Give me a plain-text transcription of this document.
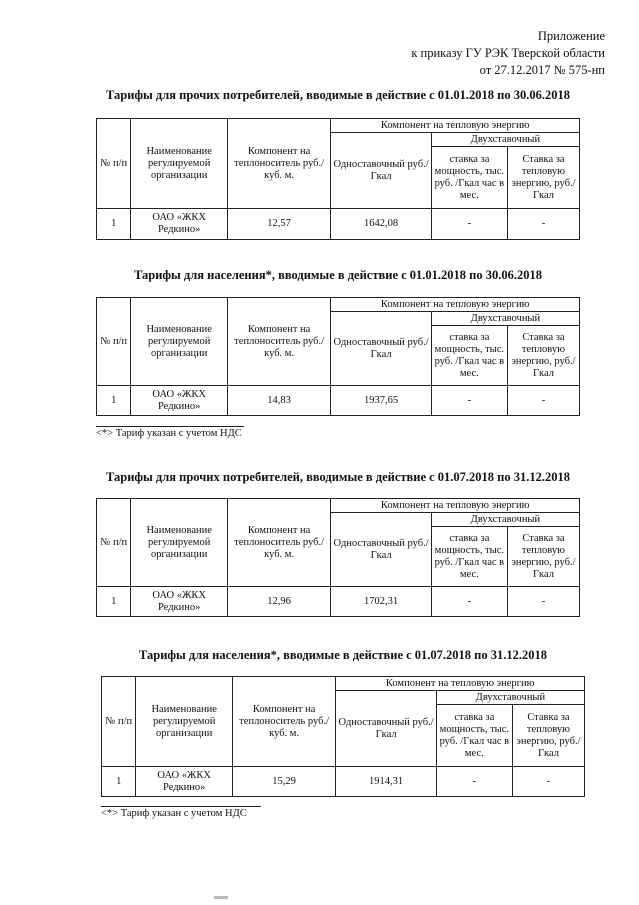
Приложение
к приказу ГУ РЭК Тверской области
от 27.12.2017 № 575-нп
Тарифы для прочих потребителей, вводимые в действие с 01.01.2018 по 30.06.2018
№ п/п	Наименование регулируемой организации	Компонент на теплоноситель руб./куб. м.	Компонент на тепловую энергию		
			Одноставочный руб./Гкал	Двухставочный	
				ставка за мощность, тыс. руб. /Гкал час в мес.	Ставка за тепловую энергию, руб./Гкал
1	ОАО «ЖКХ Редкино»	12,57	1642,08	-	-
Тарифы для населения*, вводимые в действие с 01.01.2018 по 30.06.2018
№ п/п	Наименование регулируемой организации	Компонент на теплоноситель руб./куб. м.	Компонент на тепловую энергию		
			Одноставочный руб./Гкал	Двухставочный	
				ставка за мощность, тыс. руб. /Гкал час в мес.	Ставка за тепловую энергию, руб./Гкал
1	ОАО «ЖКХ Редкино»	14,83	1937,65	-	-
<*> Тариф указан с учетом НДС
Тарифы для прочих потребителей, вводимые в действие с 01.07.2018 по 31.12.2018
№ п/п	Наименование регулируемой организации	Компонент на теплоноситель руб./куб. м.	Компонент на тепловую энергию		
			Одноставочный руб./Гкал	Двухставочный	
				ставка за мощность, тыс. руб. /Гкал час в мес.	Ставка за тепловую энергию, руб./Гкал
1	ОАО «ЖКХ Редкино»	12,96	1702,31	-	-
Тарифы для населения*, вводимые в действие с 01.07.2018 по 31.12.2018
№ п/п	Наименование регулируемой организации	Компонент на теплоноситель руб./куб. м.	Компонент на тепловую энергию		
			Одноставочный руб./Гкал	Двухставочный	
				ставка за мощность, тыс. руб. /Гкал час в мес.	Ставка за тепловую энергию, руб./Гкал
1	ОАО «ЖКХ Редкино»	15,29	1914,31	-	-
<*> Тариф указан с учетом НДС
